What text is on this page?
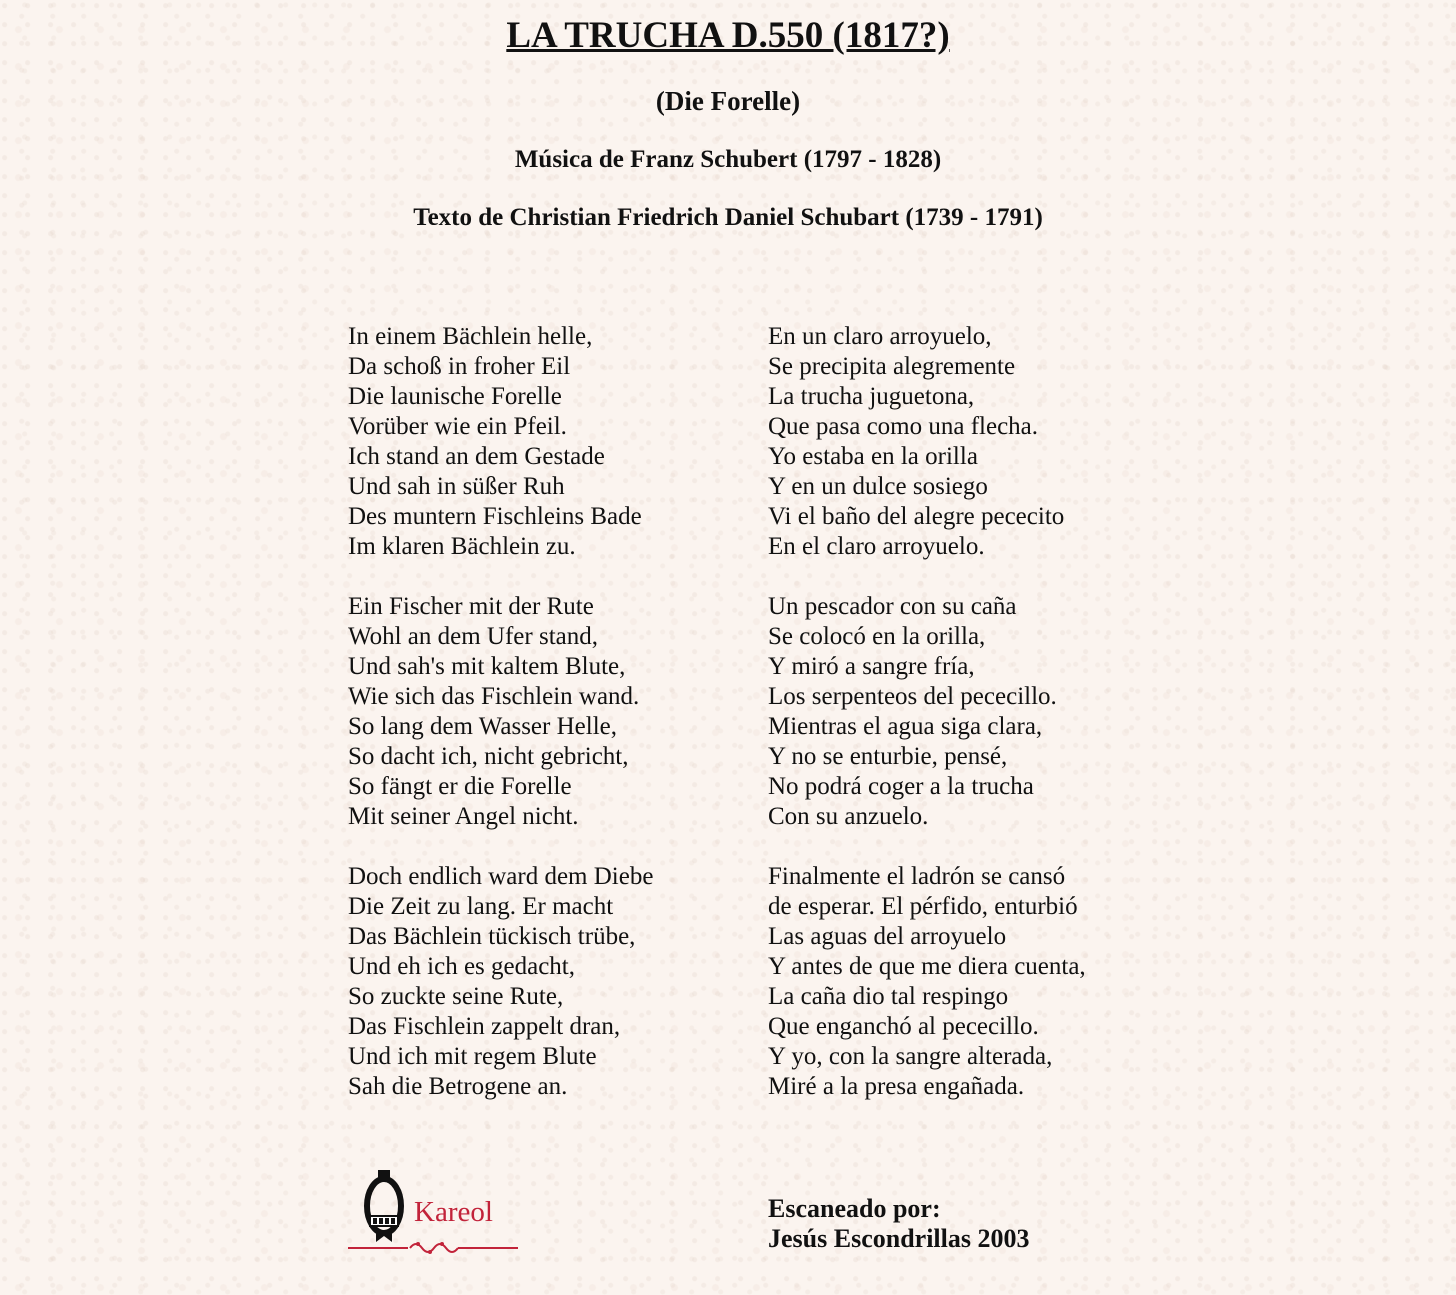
LA TRUCHA D.550 (1817?)
(Die Forelle)
Música de Franz Schubert (1797 - 1828)
Texto de Christian Friedrich Daniel Schubart (1739 - 1791)
In einem Bächlein helle,
Da schoß in froher Eil
Die launische Forelle
Vorüber wie ein Pfeil.
Ich stand an dem Gestade
Und sah in süßer Ruh
Des muntern Fischleins Bade
Im klaren Bächlein zu.
Ein Fischer mit der Rute
Wohl an dem Ufer stand,
Und sah's mit kaltem Blute,
Wie sich das Fischlein wand.
So lang dem Wasser Helle,
So dacht ich, nicht gebricht,
So fängt er die Forelle
Mit seiner Angel nicht.
Doch endlich ward dem Diebe
Die Zeit zu lang. Er macht
Das Bächlein tückisch trübe,
Und eh ich es gedacht,
So zuckte seine Rute,
Das Fischlein zappelt dran,
Und ich mit regem Blute
Sah die Betrogene an.
En un claro arroyuelo,
Se precipita alegremente
La trucha juguetona,
Que pasa como una flecha.
Yo estaba en la orilla
Y en un dulce sosiego
Vi el baño del alegre pececito
En el claro arroyuelo.
Un pescador con su caña
Se colocó en la orilla,
Y miró a sangre fría,
Los serpenteos del pececillo.
Mientras el agua siga clara,
Y no se enturbie, pensé,
No podrá coger a la trucha
Con su anzuelo.
Finalmente el ladrón se cansó
de esperar. El pérfido, enturbió
Las aguas del arroyuelo
Y antes de que me diera cuenta,
La caña dio tal respingo
Que enganchó al pececillo.
Y yo, con la sangre alterada,
Miré a la presa engañada.
Kareol	Escaneado por:
Jesús Escondrillas 2003
